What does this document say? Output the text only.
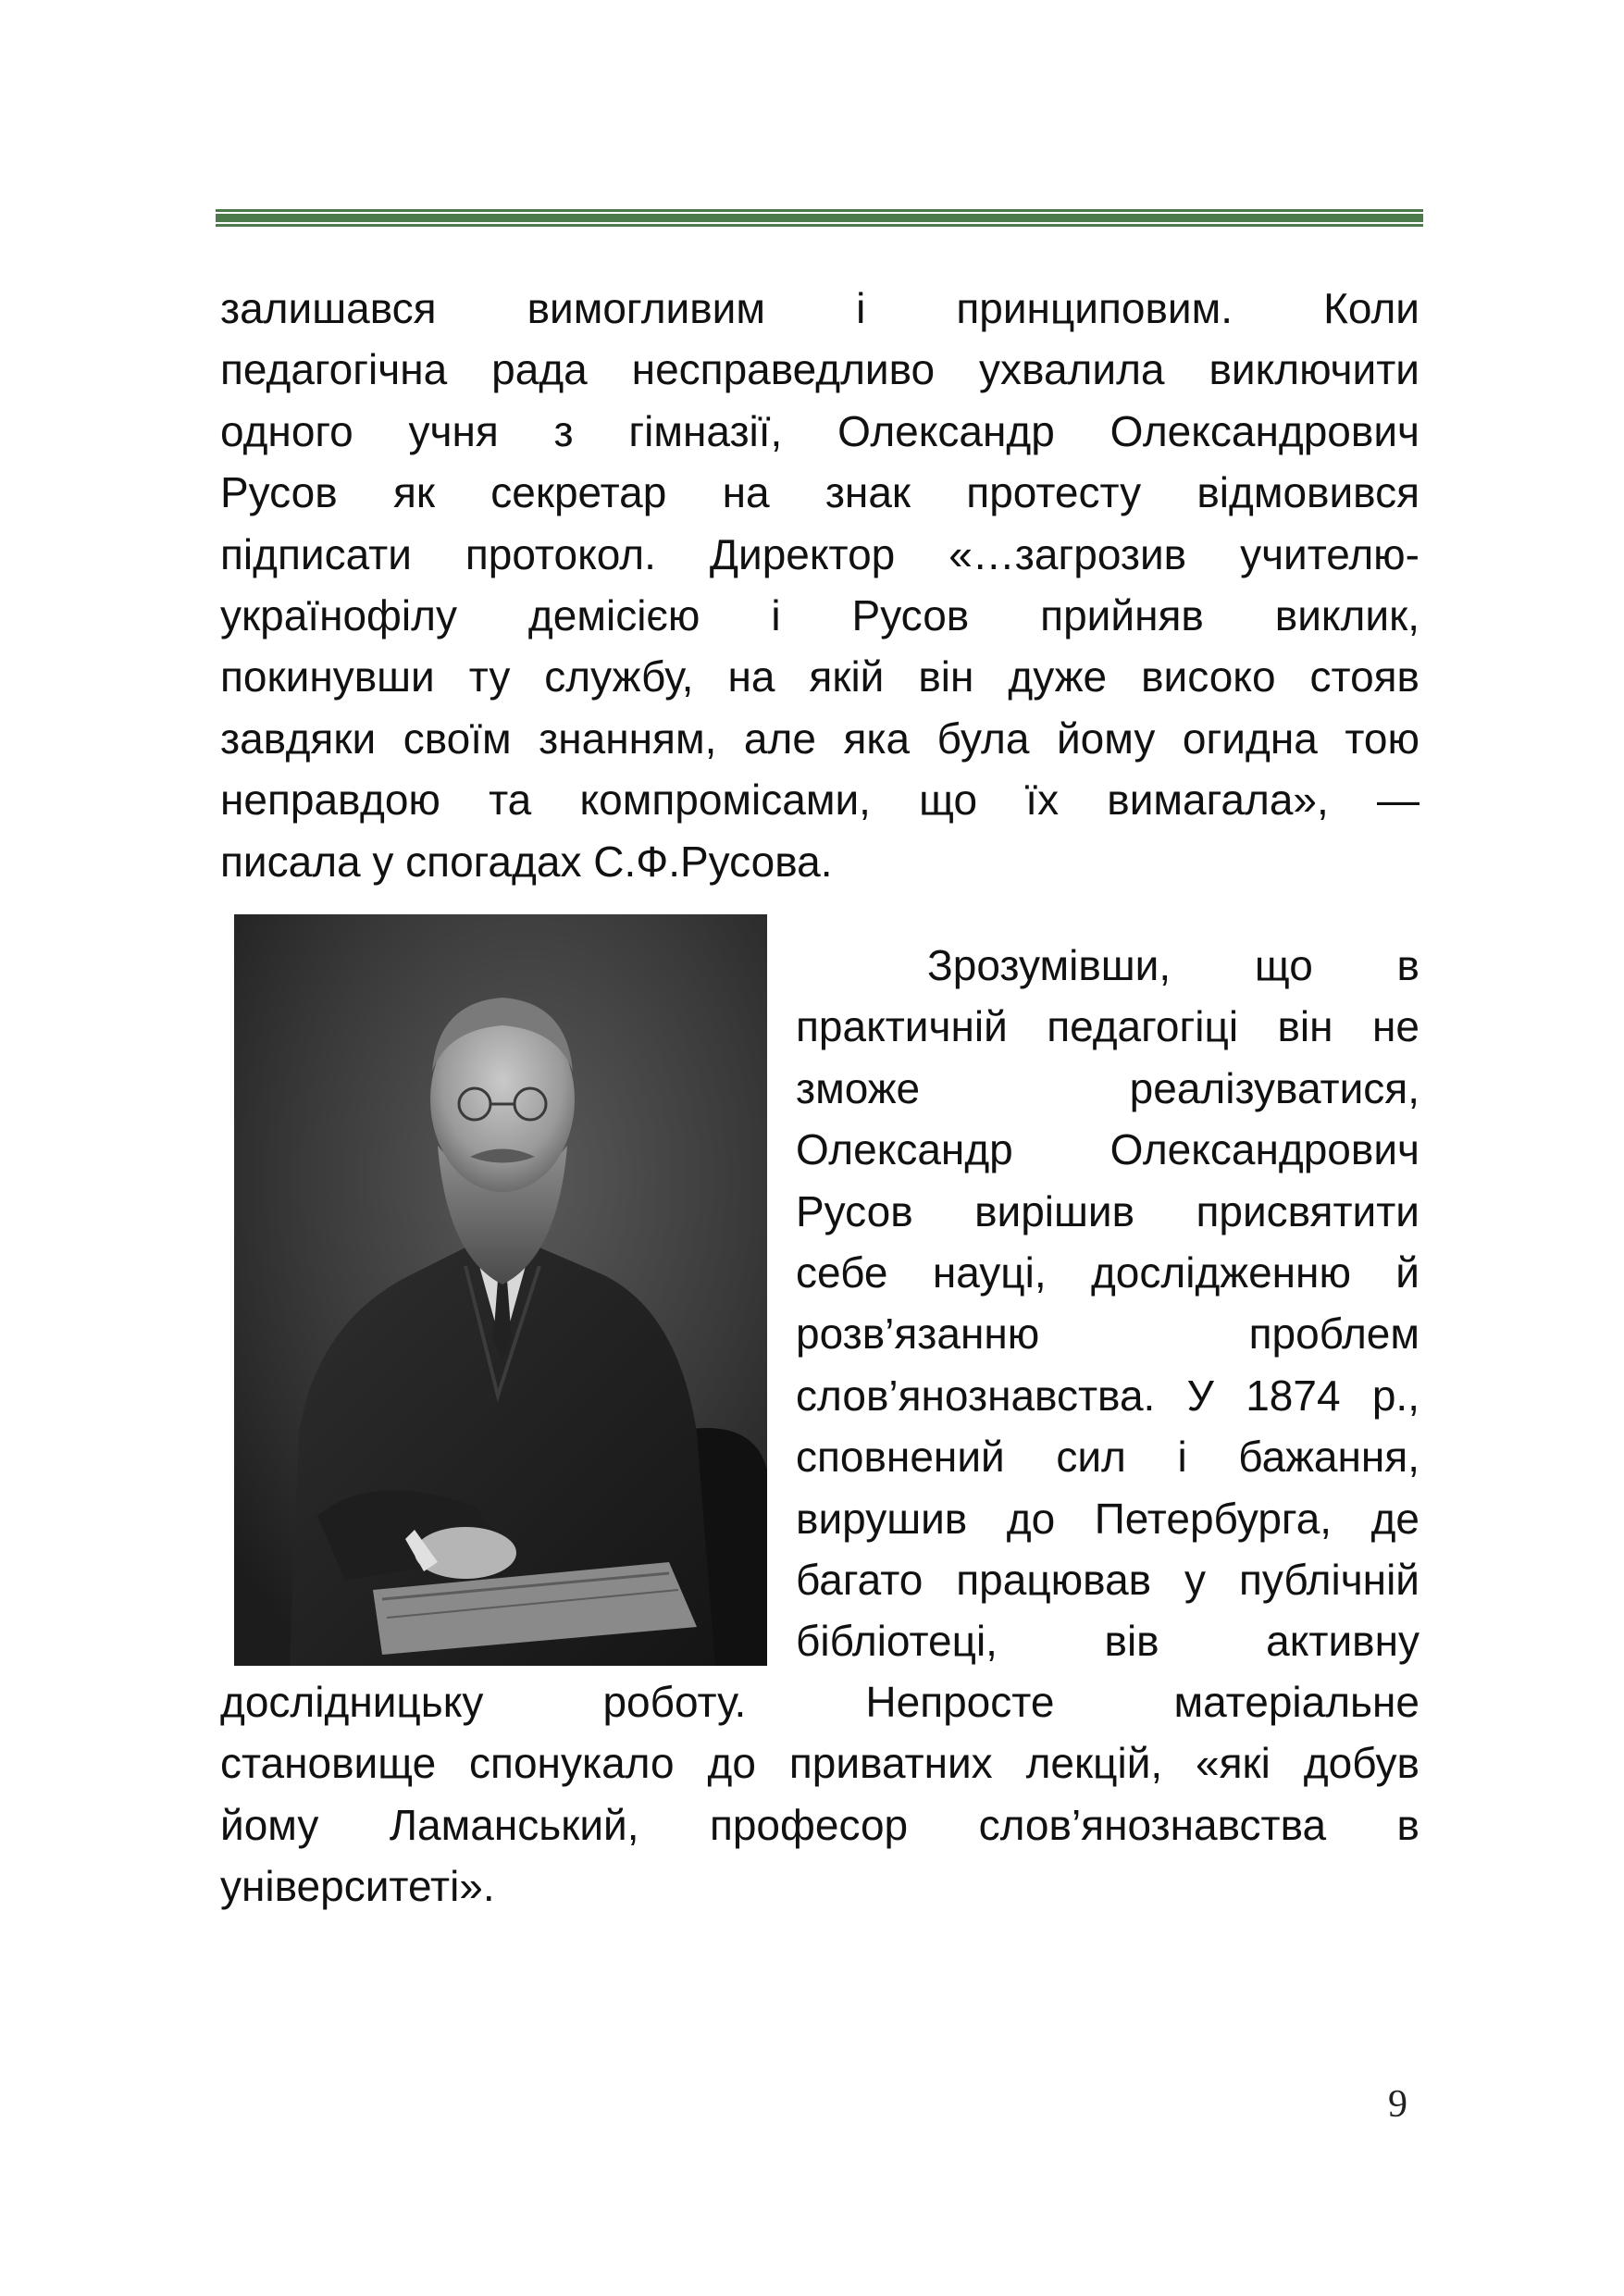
залишався вимогливим і принциповим. Коли
педагогічна рада несправедливо ухвалила виключити
одного учня з гімназії, Олександр Олександрович
Русов як секретар на знак протесту відмовився
підписати протокол. Директор «…загрозив учителю-
українофілу демісією і Русов прийняв виклик,
покинувши ту службу, на якій він дуже високо стояв
завдяки своїм знанням, але яка була йому огидна тою
неправдою та компромісами, що їх вимагала», —
писала у спогадах С.Ф.Русова.
Зрозумівши, що в
практичній педагогіці він не
зможе реалізуватися,
Олександр Олександрович
Русов вирішив присвятити
себе науці, дослідженню й
розв’язанню проблем
слов’янознавства. У 1874 р.,
сповнений сил і бажання,
вирушив до Петербурга, де
багато працював у публічній
бібліотеці, вів активну
дослідницьку роботу. Непросте матеріальне
становище спонукало до приватних лекцій, «які добув
йому Ламанський, професор слов’янознавства в
університеті».
9
